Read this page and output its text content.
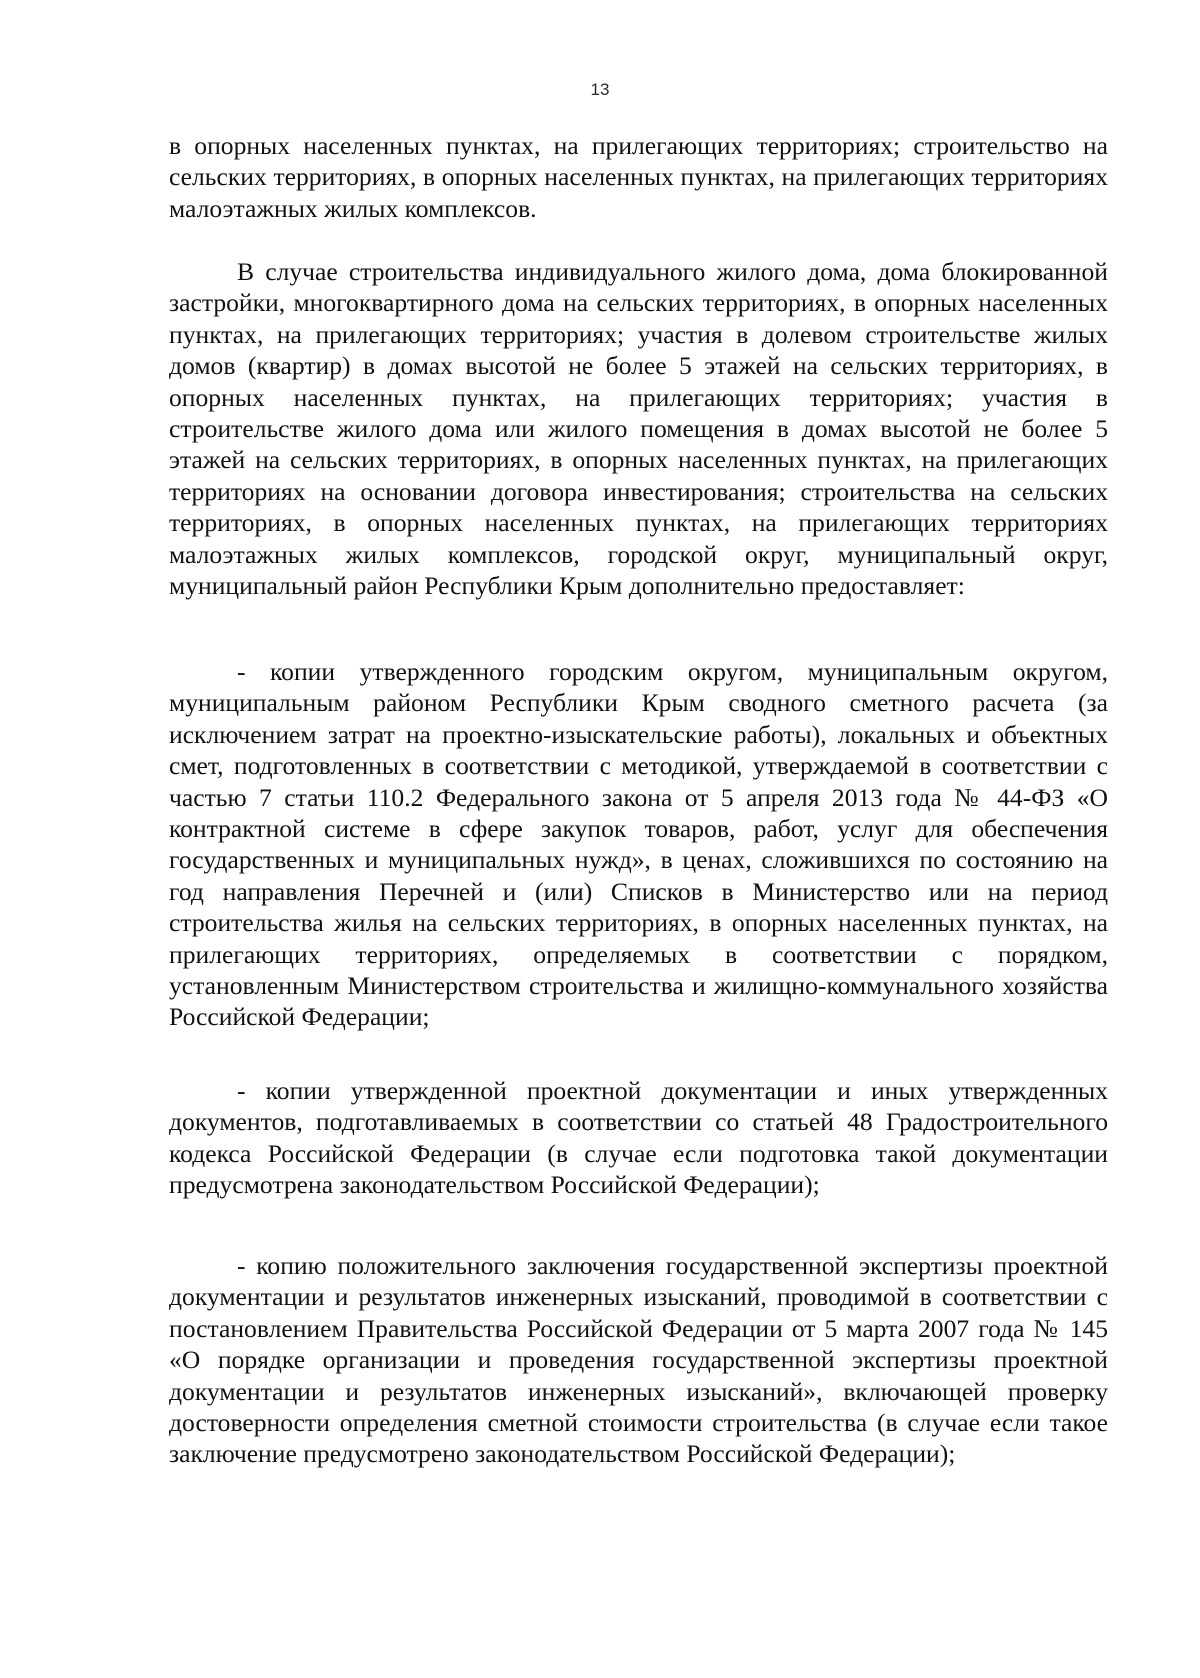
13

в опорных населенных пунктах, на прилегающих территориях; строительство на сельских территориях, в опорных населенных пунктах, на прилегающих территориях малоэтажных жилых комплексов.

В случае строительства индивидуального жилого дома, дома блокированной застройки, многоквартирного дома на сельских территориях, в опорных населенных пунктах, на прилегающих территориях; участия в долевом строительстве жилых домов (квартир) в домах высотой не более 5 этажей на сельских территориях, в опорных населенных пунктах, на прилегающих территориях; участия в строительстве жилого дома или жилого помещения в домах высотой не более 5 этажей на сельских территориях, в опорных населенных пунктах, на прилегающих территориях на основании договора инвестирования; строительства на сельских территориях, в опорных населенных пунктах, на прилегающих территориях малоэтажных жилых комплексов, городской округ, муниципальный округ, муниципальный район Республики Крым дополнительно предоставляет:

- копии утвержденного городским округом, муниципальным округом, муниципальным районом Республики Крым сводного сметного расчета (за исключением затрат на проектно-изыскательские работы), локальных и объектных смет, подготовленных в соответствии с методикой, утверждаемой в соответствии с частью 7 статьи 110.2 Федерального закона от 5 апреля 2013 года № 44-ФЗ «О контрактной системе в сфере закупок товаров, работ, услуг для обеспечения государственных и муниципальных нужд», в ценах, сложившихся по состоянию на год направления Перечней и (или) Списков в Министерство или на период строительства жилья на сельских территориях, в опорных населенных пунктах, на прилегающих территориях, определяемых в соответствии с порядком, установленным Министерством строительства и жилищно-коммунального хозяйства Российской Федерации;

- копии утвержденной проектной документации и иных утвержденных документов, подготавливаемых в соответствии со статьей 48 Градостроительного кодекса Российской Федерации (в случае если подготовка такой документации предусмотрена законодательством Российской Федерации);

- копию положительного заключения государственной экспертизы проектной документации и результатов инженерных изысканий, проводимой в соответствии с постановлением Правительства Российской Федерации от 5 марта 2007 года № 145 «О порядке организации и проведения государственной экспертизы проектной документации и результатов инженерных изысканий», включающей проверку достоверности определения сметной стоимости строительства (в случае если такое заключение предусмотрено законодательством Российской Федерации);
